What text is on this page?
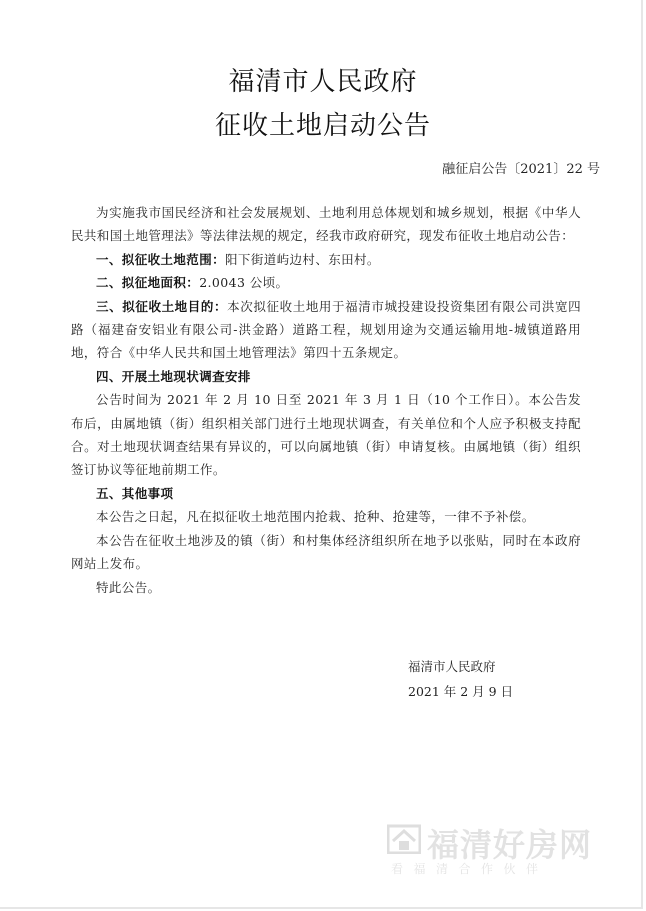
福清市人民政府
征收土地启动公告
融征启公告〔2021〕22 号

为实施我市国民经济和社会发展规划、土地利用总体规划和城乡规划，根据《中华人民共和国土地管理法》等法律法规的规定，经我市政府研究，现发布征收土地启动公告：

一、拟征收土地范围：阳下街道屿边村、东田村。

二、拟征地面积：2.0043 公顷。

三、拟征收土地目的：本次拟征收土地用于福清市城投建设投资集团有限公司洪宽四路（福建奋安铝业有限公司-洪金路）道路工程，规划用途为交通运输用地-城镇道路用地，符合《中华人民共和国土地管理法》第四十五条规定。

四、开展土地现状调查安排

公告时间为 2021 年 2 月 10 日至 2021 年 3 月 1 日（10 个工作日）。本公告发布后，由属地镇（街）组织相关部门进行土地现状调查，有关单位和个人应予积极支持配合。对土地现状调查结果有异议的，可以向属地镇（街）申请复核。由属地镇（街）组织签订协议等征地前期工作。

五、其他事项

本公告之日起，凡在拟征收土地范围内抢栽、抢种、抢建等，一律不予补偿。

本公告在征收土地涉及的镇（街）和村集体经济组织所在地予以张贴，同时在本政府网站上发布。

特此公告。

福清市人民政府
2021 年 2 月 9 日
福清好房网
看福清合作伙伴
